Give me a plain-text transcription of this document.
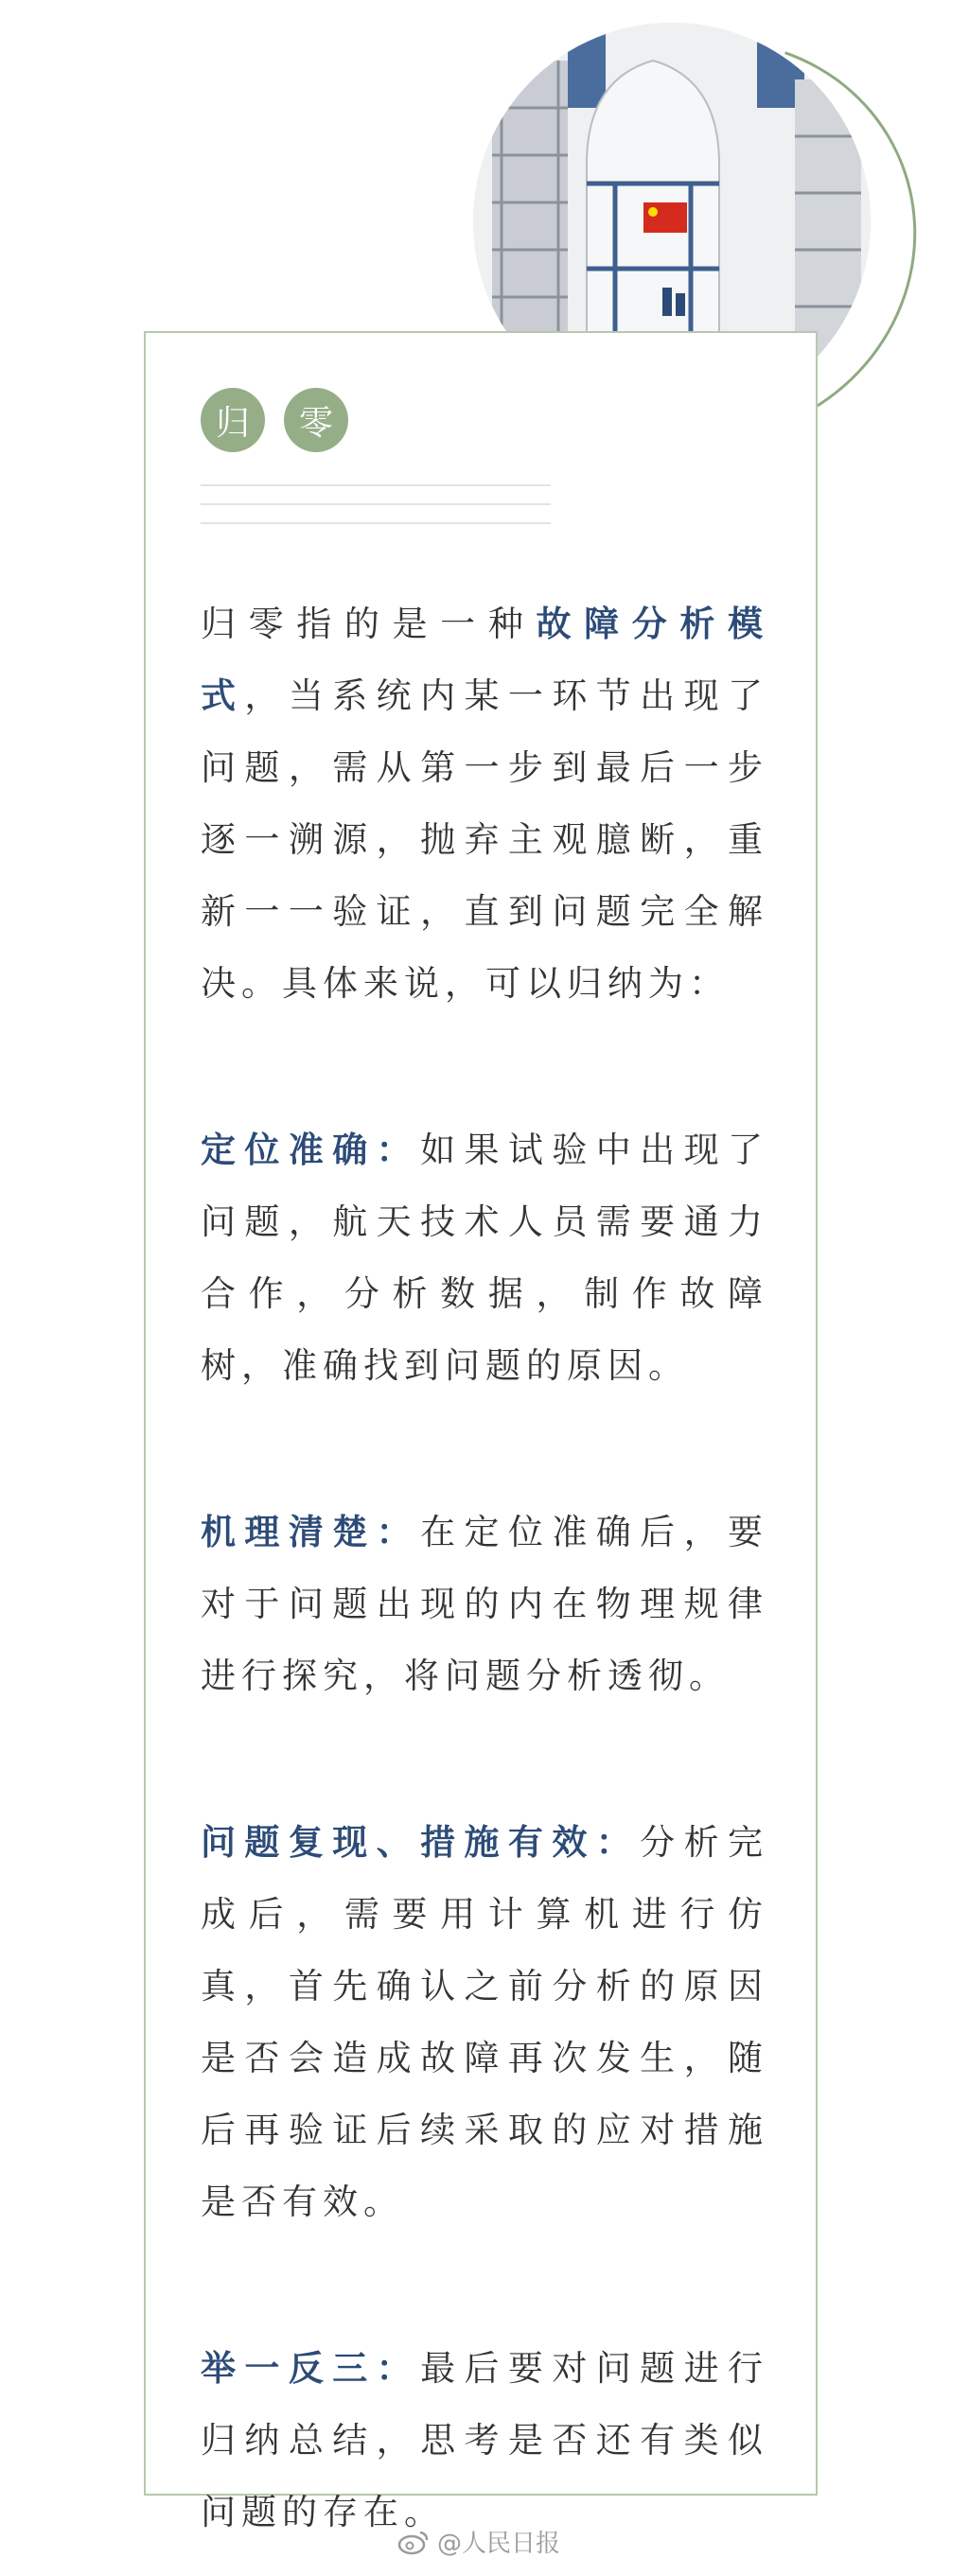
归	零

归零指的是一种故障分析模式，当系统内某一环节出现了问题，需从第一步到最后一步逐一溯源，抛弃主观臆断，重新一一验证，直到问题完全解决。具体来说，可以归纳为：

定位准确：如果试验中出现了问题，航天技术人员需要通力合作，分析数据，制作故障树，准确找到问题的原因。

机理清楚：在定位准确后，要对于问题出现的内在物理规律进行探究，将问题分析透彻。

问题复现、措施有效：分析完成后，需要用计算机进行仿真，首先确认之前分析的原因是否会造成故障再次发生，随后再验证后续采取的应对措施是否有效。

举一反三：最后要对问题进行归纳总结，思考是否还有类似问题的存在。

@人民日报
